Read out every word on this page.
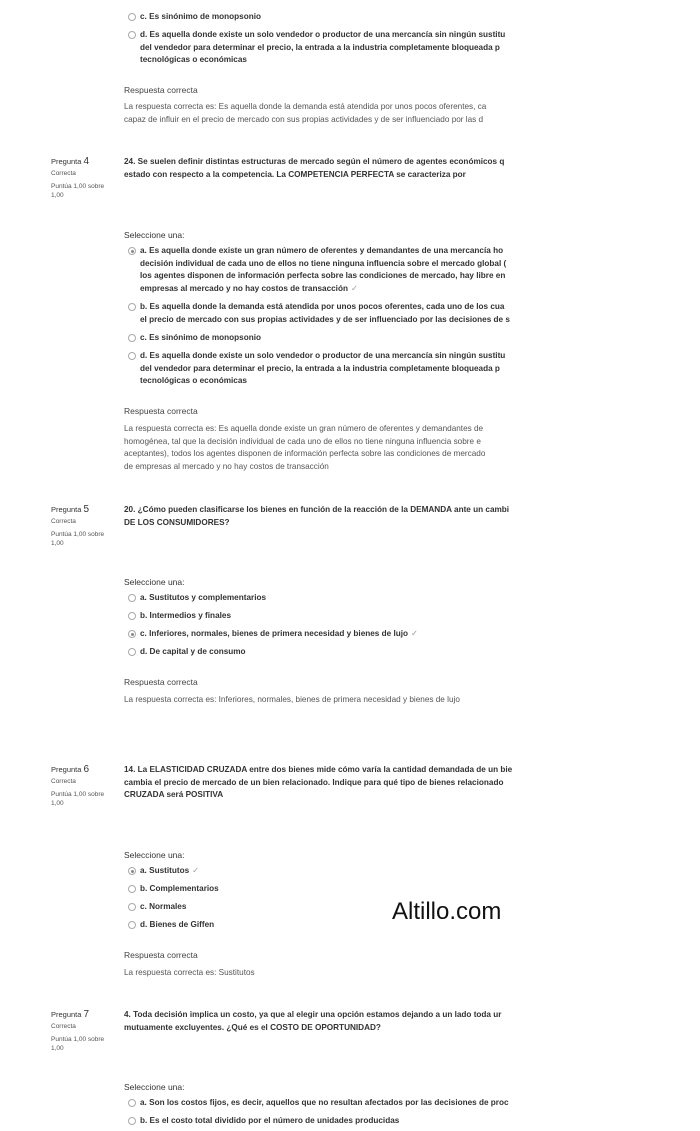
c. Es sinónimo de monopsonio
d. Es aquella donde existe un solo vendedor o productor de una mercancía sin ningún sustitu
del vendedor para determinar el precio, la entrada a la industria completamente bloqueada p
tecnológicas o económicas
Respuesta correcta
La respuesta correcta es: Es aquella donde la demanda está atendida por unos pocos oferentes, ca
capaz de influir en el precio de mercado con sus propias actividades y de ser influenciado por las d
Pregunta 4
Correcta
Puntúa 1,00 sobre
1,00
24. Se suelen definir distintas estructuras de mercado según el número de agentes económicos q
estado con respecto a la competencia. La COMPETENCIA PERFECTA se caracteriza por
Seleccione una:
a. Es aquella donde existe un gran número de oferentes y demandantes de una mercancía ho
decisión individual de cada uno de ellos no tiene ninguna influencia sobre el mercado global (
los agentes disponen de información perfecta sobre las condiciones de mercado, hay libre en
empresas al mercado y no hay costos de transacción ✓
b. Es aquella donde la demanda está atendida por unos pocos oferentes, cada uno de los cua
el precio de mercado con sus propias actividades y de ser influenciado por las decisiones de s
c. Es sinónimo de monopsonio
d. Es aquella donde existe un solo vendedor o productor de una mercancía sin ningún sustitu
del vendedor para determinar el precio, la entrada a la industria completamente bloqueada p
tecnológicas o económicas
Respuesta correcta
La respuesta correcta es: Es aquella donde existe un gran número de oferentes y demandantes de
homogénea, tal que la decisión individual de cada uno de ellos no tiene ninguna influencia sobre e
aceptantes), todos los agentes disponen de información perfecta sobre las condiciones de mercado
de empresas al mercado y no hay costos de transacción
Pregunta 5
Correcta
Puntúa 1,00 sobre
1,00
20. ¿Cómo pueden clasificarse los bienes en función de la reacción de la DEMANDA ante un cambi
DE LOS CONSUMIDORES?
Seleccione una:
a. Sustitutos y complementarios
b. Intermedios y finales
c. Inferiores, normales, bienes de primera necesidad y bienes de lujo ✓
d. De capital y de consumo
Respuesta correcta
La respuesta correcta es: Inferiores, normales, bienes de primera necesidad y bienes de lujo
Pregunta 6
Correcta
Puntúa 1,00 sobre
1,00
14. La ELASTICIDAD CRUZADA entre dos bienes mide cómo varía la cantidad demandada de un bie
cambia el precio de mercado de un bien relacionado. Indique para qué tipo de bienes relacionado
CRUZADA será POSITIVA
Seleccione una:
a. Sustitutos ✓
b. Complementarios
c. Normales
d. Bienes de Giffen
Respuesta correcta
La respuesta correcta es: Sustitutos
Pregunta 7
Correcta
Puntúa 1,00 sobre
1,00
4. Toda decisión implica un costo, ya que al elegir una opción estamos dejando a un lado toda ur
mutuamente excluyentes. ¿Qué es el COSTO DE OPORTUNIDAD?
Seleccione una:
a. Son los costos fijos, es decir, aquellos que no resultan afectados por las decisiones de proc
b. Es el costo total dividido por el número de unidades producidas
Altillo.com
